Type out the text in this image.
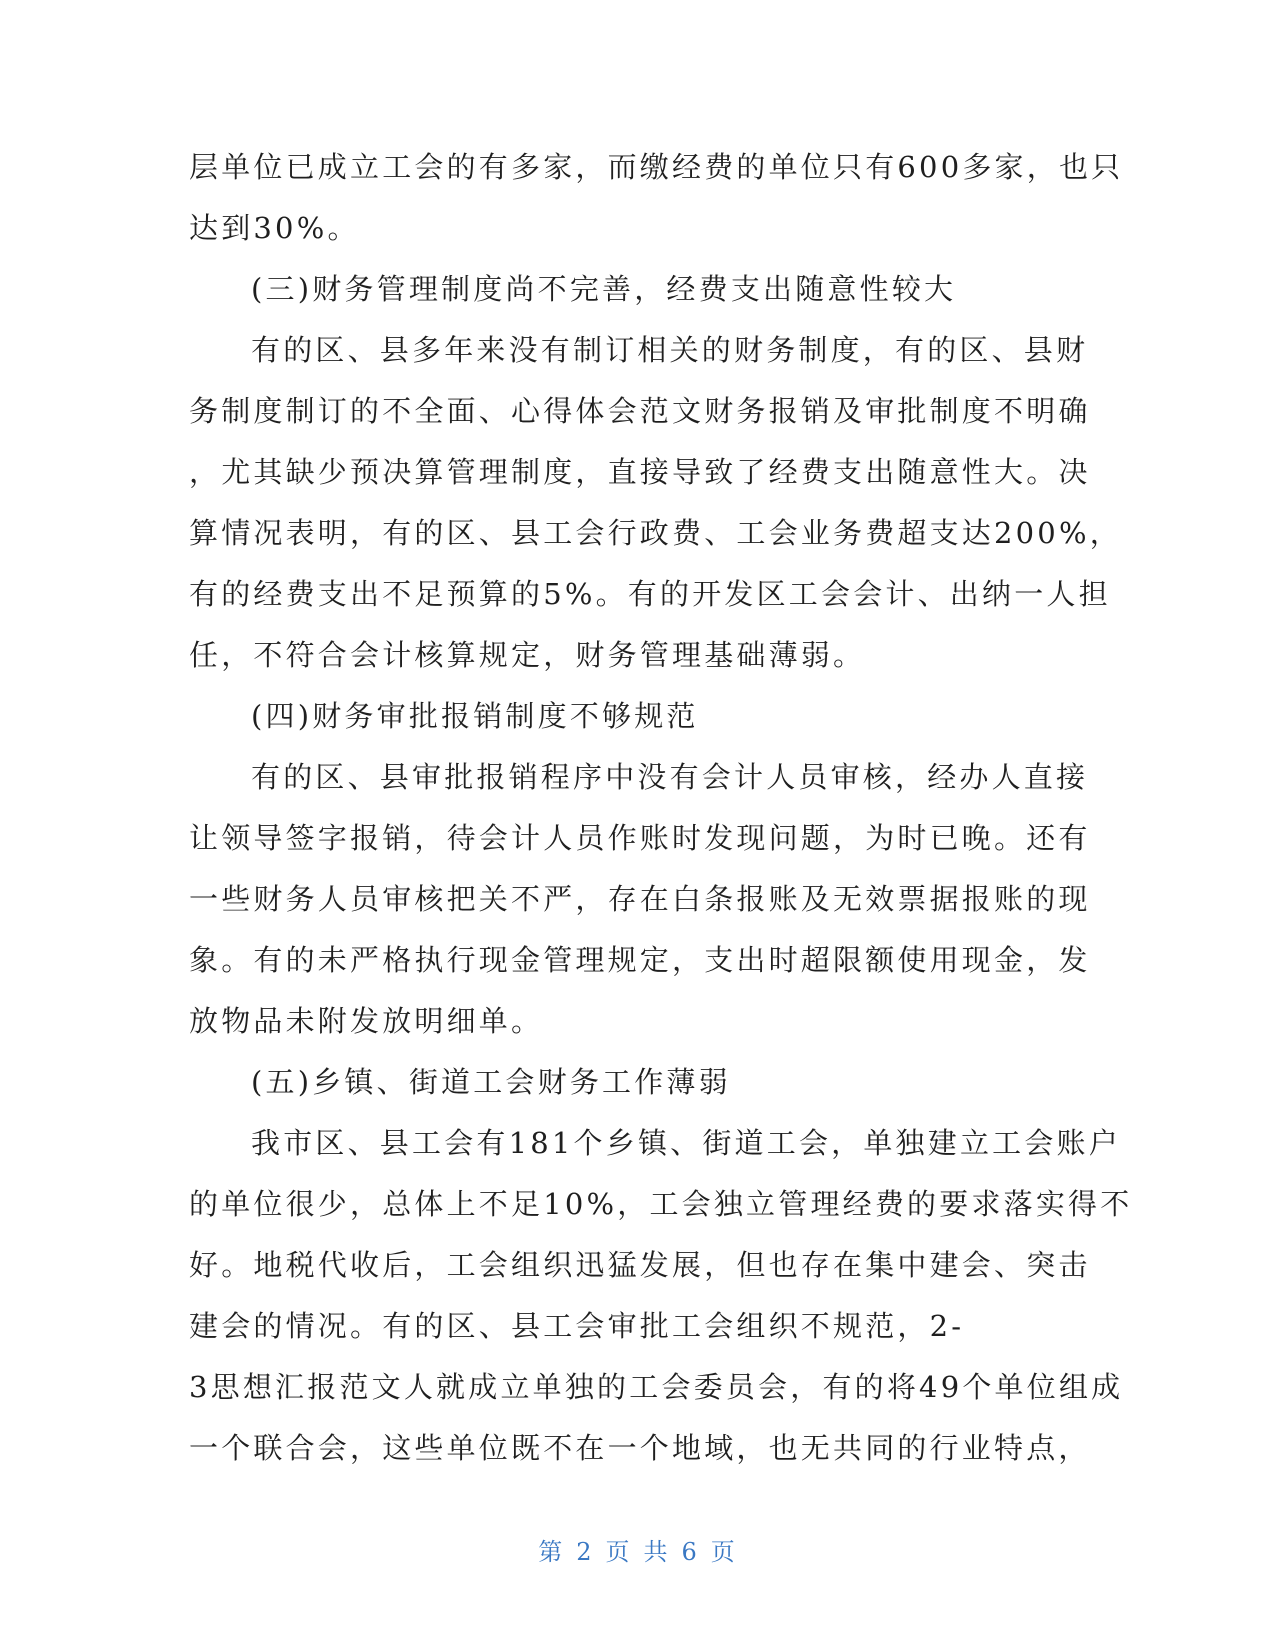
层单位已成立工会的有多家，而缴经费的单位只有600多家，也只
达到30%。
(三)财务管理制度尚不完善，经费支出随意性较大
有的区、县多年来没有制订相关的财务制度，有的区、县财
务制度制订的不全面、心得体会范文财务报销及审批制度不明确
，尤其缺少预决算管理制度，直接导致了经费支出随意性大。决
算情况表明，有的区、县工会行政费、工会业务费超支达200%，
有的经费支出不足预算的5%。有的开发区工会会计、出纳一人担
任，不符合会计核算规定，财务管理基础薄弱。
(四)财务审批报销制度不够规范
有的区、县审批报销程序中没有会计人员审核，经办人直接
让领导签字报销，待会计人员作账时发现问题，为时已晚。还有
一些财务人员审核把关不严，存在白条报账及无效票据报账的现
象。有的未严格执行现金管理规定，支出时超限额使用现金，发
放物品未附发放明细单。
(五)乡镇、街道工会财务工作薄弱
我市区、县工会有181个乡镇、街道工会，单独建立工会账户
的单位很少，总体上不足10%，工会独立管理经费的要求落实得不
好。地税代收后，工会组织迅猛发展，但也存在集中建会、突击
建会的情况。有的区、县工会审批工会组织不规范，2-
3思想汇报范文人就成立单独的工会委员会，有的将49个单位组成
一个联合会，这些单位既不在一个地域，也无共同的行业特点，
第 2 页 共 6 页
